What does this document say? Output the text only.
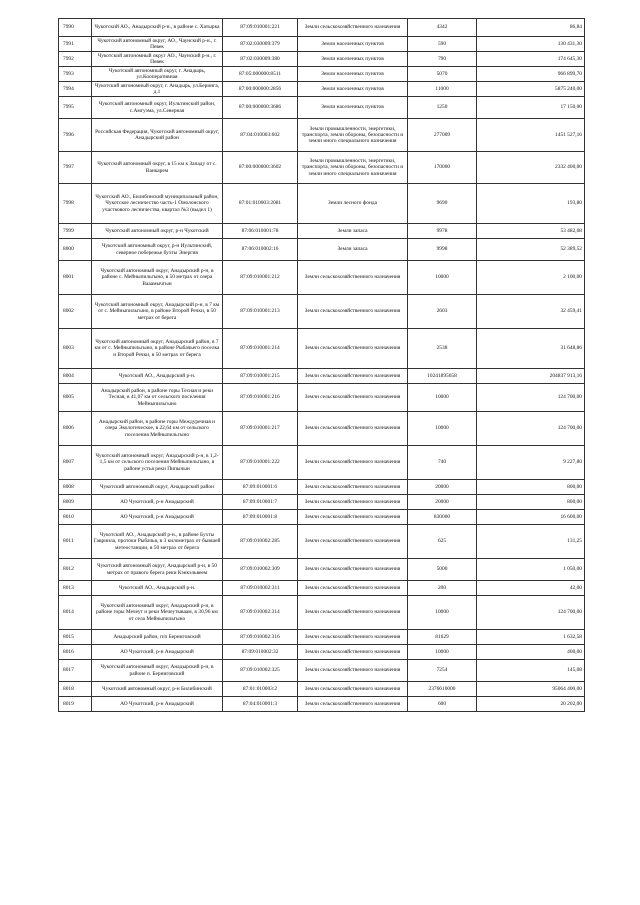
7990	Чукотский АО., Анадырский р-н., в районе с. Хатырка	87:09:010001:221	Земли сельскохозяйственного назначения	4342	86,84
7991	Чукотский автономный округ, АО., Чаунский р-н., г. Певек	87:02:030009:379	Земли населенных пунктов	590	130 431,30
7992	Чукотский автономный округ АО., Чаунский р-н., г. Певек	87:02:030009:380	Земли населенных пунктов	790	174 645,30
7993	Чукотский автономный округ, г. Анадырь, ул.Кооперативная	87:05:000000:8511	Земли населенных пунктов	5070	966 899,70
7994	Чукотский автономный округ, г. Анадырь, ул.Беринга, д.1	87:00:000000:2856	Земли населенных пунктов	11000	5875 240,00
7995	Чукотский автономный округ, Иультинский район, с.Амгуэма, ул.Северная	87:00:000000:3686	Земли населенных пунктов	1250	17 150,00
7996	Российская Федерация, Чукотский автономный округ, Анадырский район	87:04:010003:602	Земли промышленности, энергетики, транспорта, земли обороны, безопасности и земли иного специального назначения	277009	1451 527,16
7997	Чукотский автономный округ, в 15 км к Западу от с. Ванкарем	87:00:000000:3602	Земли промышленности, энергетики, транспорта, земли обороны, безопасности и земли иного специального назначения	170000	2332 400,00
7998	Чукотский АО., Билибинский муниципальный район, Чукотское лесничество часть-1 Омолонского участкового лесничества, квартал №3 (выдел 1)	87:01:010003:2081	Земли лесного фонда	9690	193,80
7999	Чукотский автономный округ, р-н Чукотский	87:06:010001:78	Земли запаса	9978	53 482,08
8000	Чукотский автономный округ, р-н Иультинский, северное побережье бухты Энергия	87:06:010002:16	Земли запаса	9998	52 389,52
8001	Чукотский автономный округ, Анадырский р-н, в районе с. Мейныпильгыно, в 50 метрах от озера Вааамычгын	87:09:010001:212	Земли сельскохозяйственного назначения	10000	2 100,00
8002	Чукотский автономный округ, Анадырский р-н, в 7 км от с. Мейныпильгыно, в районе Второй Речки, в 50 метрах от берега	87:09:010001:213	Земли сельскохозяйственного назначения	2603	32 459,41
8003	Чукотский автономный округ, Анадырский район, в 7 км от с. Мейныпильгыно, в районе Рыбачьего поселка и Второй Речки, в 50 метрах от берега	87:09:010001:214	Земли сельскохозяйственного назначения	2538	31 648,86
8004	Чукотский АО., Анадырский р-н.	87:09:010001:215	Земли сельскохозяйственного назначения	10241895658	204837 913,16
8005	Анадырский район, в районе горы Тесная и реки Тесная, в 41,07 км от сельского поселения Мейныпильгыно	87:09:010001:216	Земли сельскохозяйственного назначения	10000	124 700,00
8006	Анадырский район, в районе горы Междуречная и озера Экологическое, в 22,64 км от сельского поселения Мейныпильгыно	87:09:010001:217	Земли сельскохозяйственного назначения	10000	124 700,00
8007	Чукотский автономный округ, Анадырский р-н, в 1,2-1,5 км от сельского поселения Мейныпильгыно, в районе устья реки Пипычын	87:09:010001:222	Земли сельскохозяйственного назначения	740	9 227,80
8008	Чукотский автономный округ, Анадырский район	87:09:010001:6	Земли сельскохозяйственного назначения	20000	800,00
8009	АО Чукотский, р-н Анадырский	87:09:010001:7	Земли сельскохозяйственного назначения	20000	800,00
8010	АО Чукотский, р-н Анадырский	87:09:010001:8	Земли сельскохозяйственного назначения	830000	16 600,00
8011	Чукотский АО., Анадырский р-н., в районе Бухты Гавриила, протоки Рыбачья, в 3 километрах от бывшей метеостанции, в 50 метрах от берега	87:09:010002:285	Земли сельскохозяйственного назначения	625	131,25
8012	Чукотский автономный округ, Анадырский р-н, в 50 метрах от правого берега реки Кэнкэльвеем	87:09:010002:309	Земли сельскохозяйственного назначения	5000	1 050,00
8013	Чукотский АО., Анадырский р-н.	87:09:010002:311	Земли сельскохозяйственного назначения	200	42,00
8014	Чукотский автономный округ, Анадырский р-н, в районе горы Мечеут и реки Мечеутываам, в 30,96 км от села Мейныпильгыно	87:09:010002:314	Земли сельскохозяйственного назначения	10000	124 700,00
8015	Анадырский район, п/п Берниговский	87:09:010002:316	Земли сельскохозяйственного назначения	81629	1 632,58
8016	АО Чукотский, р-н Анадырский	87:09:010002:32	Земли сельскохозяйственного назначения	10000	400,00
8017	Чукотский автономный округ, Анадырский р-н, в районе п. Берниговский	87:09:010002:325	Земли сельскохозяйственного назначения	7254	145,08
8018	Чукотский автономный округ, р-н Билибинский	87:01:010003:2	Земли сельскохозяйственного назначения	2376610000	95064 400,00
8019	АО Чукотский, р-н Анадырский	87:04:010001:3	Земли сельскохозяйственного назначения	600	20 202,00
